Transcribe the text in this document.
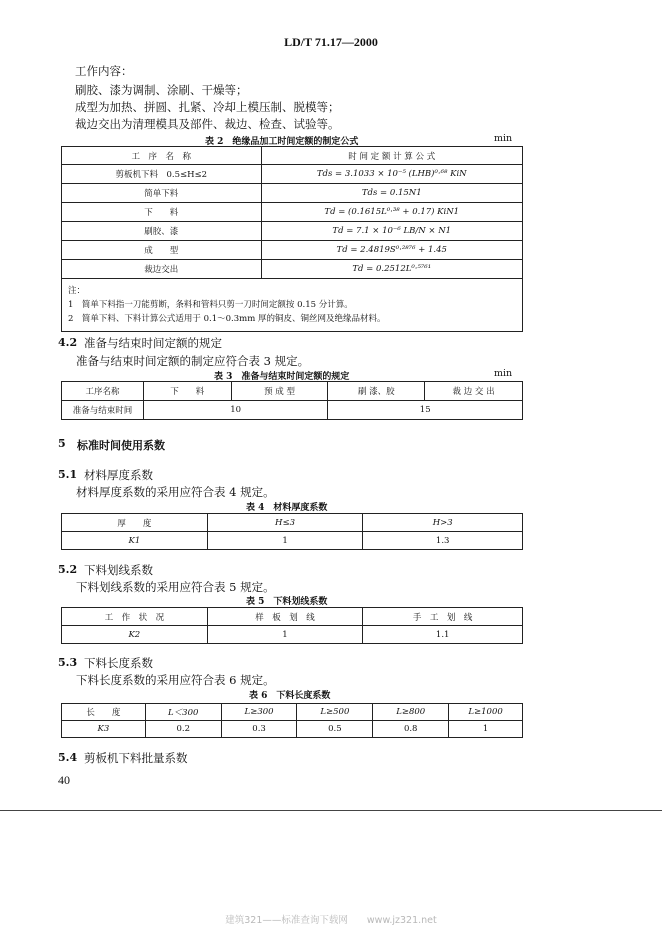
LD/T 71.17—2000
工作内容：
刷胶、漆为调制、涂刷、干燥等；
成型为加热、拼圆、扎紧、冷却上模压制、脱模等；
裁边交出为清理模具及部件、裁边、检查、试验等。
表 2　绝缘品加工时间定额的制定公式	min
工　序　名　称	时 间 定 额 计 算 公 式
剪板机下料　0.5≤H≤2	Tds = 3.1033 × 10⁻⁵ (LHB)⁰·⁶⁸ KiN
简单下料	Tds = 0.15N1
下　　料	Td = (0.1615L⁰·³⁸ + 0.17) KiN1
刷胶、漆	Td = 7.1 × 10⁻⁶ LB/N × N1
成　　型	Td = 2.4819S⁰·²⁸⁷⁶ + 1.45
裁边交出	Td = 0.2512L⁰·⁵⁷⁶¹

注：
1　简单下料指一刀能剪断，条料和管料只剪一刀时间定额按 0.15 分计算。
2　简单下料、下料计算公式适用于 0.1～0.3mm 厚的铜皮、铜丝网及绝缘品材料。	
4.2 准备与结束时间定额的规定
准备与结束时间定额的制定应符合表 3 规定。
表 3　准备与结束时间定额的规定	min
工序名称	下　　料	预 成 型	刷 漆、胶	裁 边 交 出
准备与结束时间	10		15	
5 标准时间使用系数
5.1 材料厚度系数
材料厚度系数的采用应符合表 4 规定。
表 4　材料厚度系数
厚　　度	H≤3	H>3
K1	1	1.3
5.2 下料划线系数
下料划线系数的采用应符合表 5 规定。
表 5　下料划线系数
工　作　状　况	样　板　划　线	手　工　划　线
K2	1	1.1
5.3 下料长度系数
下料长度系数的采用应符合表 6 规定。
表 6　下料长度系数
长　　度	L＜300	L≥300	L≥500	L≥800	L≥1000
K3	0.2	0.3	0.5	0.8	1
5.4 剪板机下料批量系数
40
建筑321——标准查询下载网　　www.jz321.net
